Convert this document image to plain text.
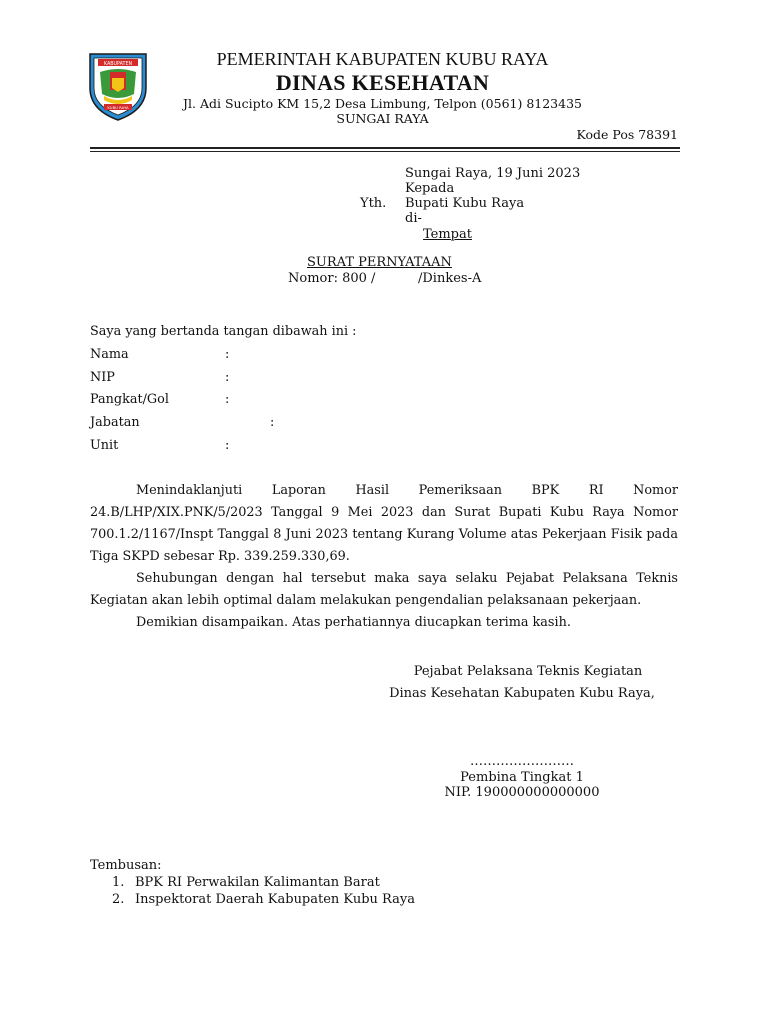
KABUPATEN
KUBU RAYA
PEMERINTAH KABUPATEN KUBU RAYA
DINAS KESEHATAN
Jl. Adi Sucipto KM 15,2 Desa Limbung, Telpon (0561) 8123435
SUNGAI RAYA
Kode Pos 78391
Sungai Raya, 19 Juni 2023
Kepada
Yth. Bupati Kubu Raya
di-
Tempat
SURAT PERNYATAAN
Nomor: 800 /	/Dinkes-A
Saya yang bertanda tangan dibawah ini :
Nama	:
NIP	:
Pangkat/Gol	:
Jabatan	:
Unit	:

Menindaklanjuti Laporan Hasil Pemeriksaan BPK RI Nomor 24.B/LHP/XIX.PNK/5/2023 Tanggal 9 Mei 2023 dan Surat Bupati Kubu Raya Nomor 700.1.2/1167/Inspt Tanggal 8 Juni 2023 tentang Kurang Volume atas Pekerjaan Fisik pada Tiga SKPD sebesar Rp. 339.259.330,69.

Sehubungan dengan hal tersebut maka saya selaku Pejabat Pelaksana Teknis Kegiatan akan lebih optimal dalam melakukan pengendalian pelaksanaan pekerjaan.

Demikian disampaikan. Atas perhatiannya diucapkan terima kasih.

Pejabat Pelaksana Teknis Kegiatan
Dinas Kesehatan Kabupaten Kubu Raya,
……………………
Pembina Tingkat 1
NIP. 190000000000000
Tembusan:
1. BPK RI Perwakilan Kalimantan Barat
2. Inspektorat Daerah Kabupaten Kubu Raya
